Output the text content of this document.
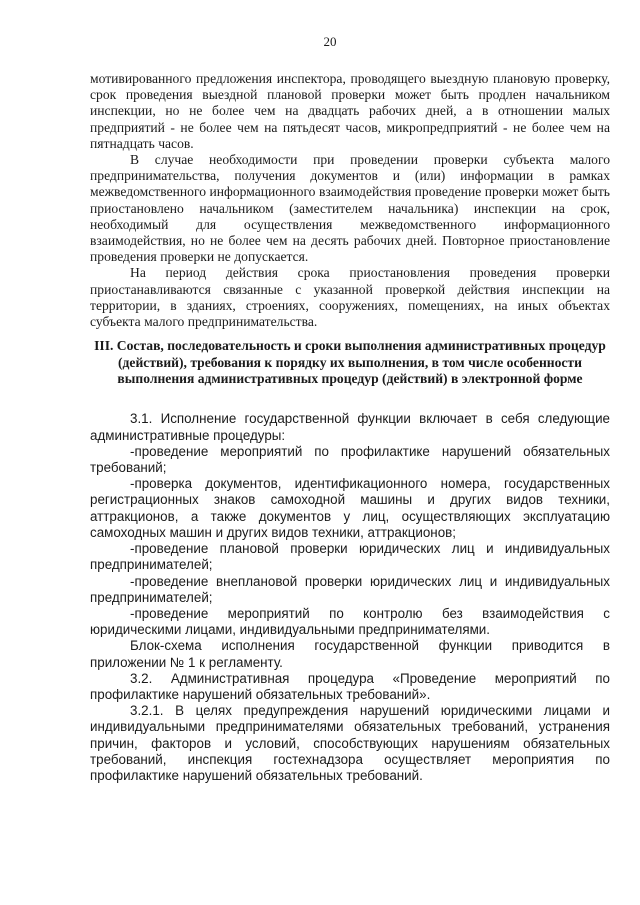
20

мотивированного предложения инспектора, проводящего выездную плановую проверку, срок проведения выездной плановой проверки может быть продлен начальником инспекции, но не более чем на двадцать рабочих дней, а в отношении малых предприятий - не более чем на пятьдесят часов, микропредприятий - не более чем на пятнадцать часов.

В случае необходимости при проведении проверки субъекта малого предпринимательства, получения документов и (или) информации в рамках межведомственного информационного взаимодействия проведение проверки может быть приостановлено начальником (заместителем начальника) инспекции на срок, необходимый для осуществления межведомственного информационного взаимодействия, но не более чем на десять рабочих дней. Повторное приостановление проведения проверки не допускается.

На период действия срока приостановления проведения проверки приостанавливаются связанные с указанной проверкой действия инспекции на территории, в зданиях, строениях, сооружениях, помещениях, на иных объектах субъекта малого предпринимательства.

III. Состав, последовательность и сроки выполнения административных процедур (действий), требования к порядку их выполнения, в том числе особенности выполнения административных процедур (действий) в электронной форме

3.1. Исполнение государственной функции включает в себя следующие административные процедуры:

-проведение мероприятий по профилактике нарушений обязательных требований;

-проверка документов, идентификационного номера, государственных регистрационных знаков самоходной машины и других видов техники, аттракционов, а также документов у лиц, осуществляющих эксплуатацию самоходных машин и других видов техники, аттракционов;

-проведение плановой проверки юридических лиц и индивидуальных предпринимателей;

-проведение внеплановой проверки юридических лиц и индивидуальных предпринимателей;

-проведение мероприятий по контролю без взаимодействия с юридическими лицами, индивидуальными предпринимателями.

Блок-схема исполнения государственной функции приводится в приложении № 1 к регламенту.

3.2. Административная процедура «Проведение мероприятий по профилактике нарушений обязательных требований».

3.2.1. В целях предупреждения нарушений юридическими лицами и индивидуальными предпринимателями обязательных требований, устранения причин, факторов и условий, способствующих нарушениям обязательных требований, инспекция гостехнадзора осуществляет мероприятия по профилактике нарушений обязательных требований.
